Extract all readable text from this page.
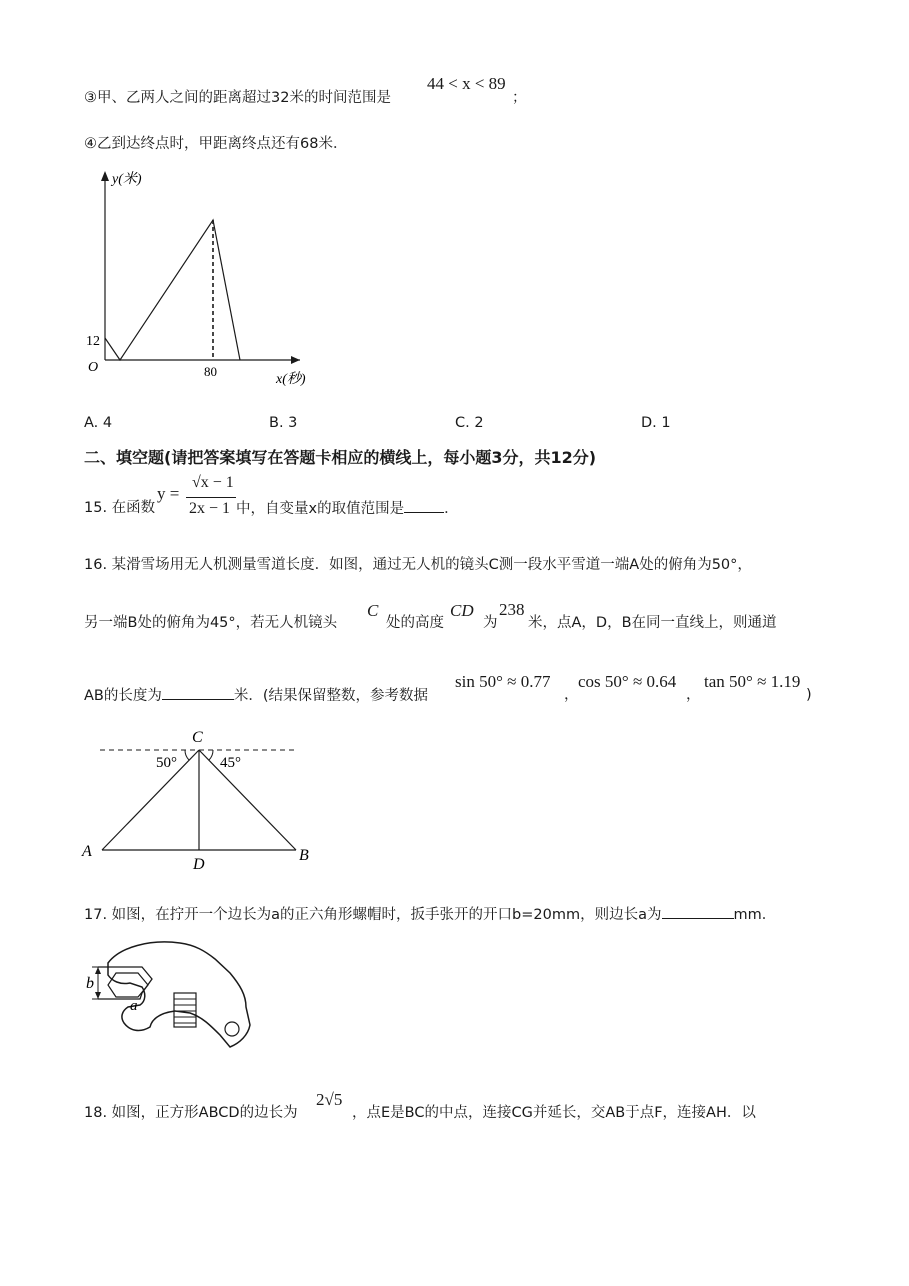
③甲、乙两人之间的距离超过32米的时间范围是
44 < x < 89
；
④乙到达终点时，甲距离终点还有68米．
y(米)
x(秒)
O
12
80
A. 4	B. 3	C. 2	D. 1
二、填空题(请把答案填写在答题卡相应的横线上，每小题3分，共12分)
15. 在函数
y =
√x − 1
2x − 1 中，自变量x的取值范围是	．
16. 某滑雪场用无人机测量雪道长度．如图，通过无人机的镜头C测一段水平雪道一端A处的俯角为50°，
另一端B处的俯角为45°，若无人机镜头
C
处的高度
CD
为
238
米，点A，D，B在同一直线上，则通道
AB的长度为	米．(结果保留整数，参考数据
sin 50° ≈ 0.77
，
cos 50° ≈ 0.64
，
tan 50° ≈ 1.19
)
C
50°	45°
A	B
D
17. 如图，在拧开一个边长为a的正六角形螺帽时，扳手张开的开口b=20mm，则边长a为	mm．
b
a
18. 如图，正方形ABCD的边长为
2√5
，点E是BC的中点，连接CG并延长，交AB于点F，连接AH．以
